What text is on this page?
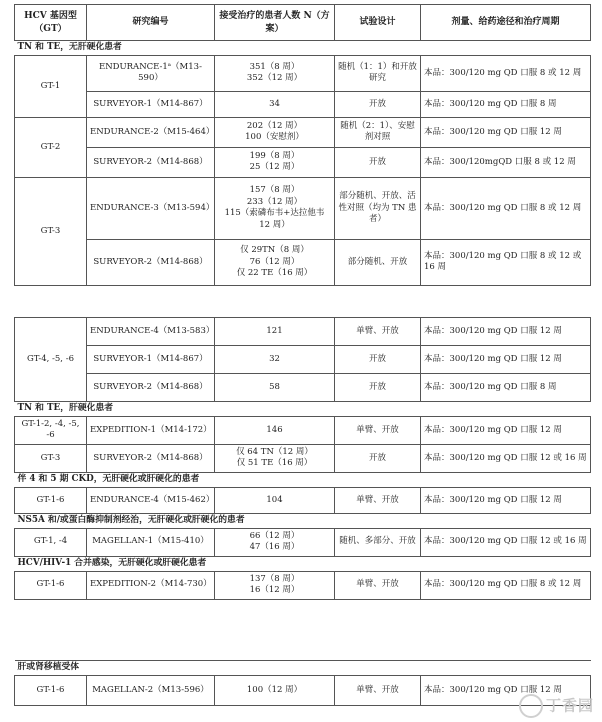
HCV 基因型（GT）	研究编号	接受治疗的患者人数 N（方案）	试验设计	剂量、给药途径和治疗周期
TN 和 TE，无肝硬化患者				
GT-1	ENDURANCE-1ᵃ（M13-590）	351（8 周）
352（12 周）	随机（1：1）和开放研究	本品：300/120 mg QD 口服 8 或 12 周
	SURVEYOR-1（M14-867）	34	开放	本品：300/120 mg QD 口服 8 周
GT-2	ENDURANCE-2（M15-464）	202（12 周）
100（安慰剂）	随机（2：1）、安慰剂对照	本品：300/120 mg QD 口服 12 周
	SURVEYOR-2（M14-868）	199（8 周）
25（12 周）	开放	本品：300/120mgQD 口服 8 或 12 周
GT-3	ENDURANCE-3（M13-594）	157（8 周）
233（12 周）
115（索磷布韦+达拉他韦 12 周）	部分随机、开放、活性对照（均为 TN 患者）	本品：300/120 mg QD 口服 8 或 12 周
	SURVEYOR-2（M14-868）	仅 29TN（8 周）
76（12 周）
仅 22 TE（16 周）	部分随机、开放	本品：300/120 mg QD 口服 8 或 12 或 16 周
GT-4, -5, -6	ENDURANCE-4（M13-583）	121	单臂、开放	本品：300/120 mg QD 口服 12 周
	SURVEYOR-1（M14-867）	32	开放	本品：300/120 mg QD 口服 12 周
	SURVEYOR-2（M14-868）	58	开放	本品：300/120 mg QD 口服 8 周
TN 和 TE，肝硬化患者				
GT-1-2, -4, -5, -6	EXPEDITION-1（M14-172）	146	单臂、开放	本品：300/120 mg QD 口服 12 周
GT-3	SURVEYOR-2（M14-868）	仅 64 TN（12 周）
仅 51 TE（16 周）	开放	本品：300/120 mg QD 口服 12 或 16 周
伴 4 和 5 期 CKD，无肝硬化或肝硬化的患者				
GT-1-6	ENDURANCE-4（M15-462）	104	单臂、开放	本品：300/120 mg QD 口服 12 周
NS5A 和/或蛋白酶抑制剂经治，无肝硬化或肝硬化的患者				
GT-1, -4	MAGELLAN-1（M15-410）	66（12 周）
47（16 周）	随机、多部分、开放	本品：300/120 mg QD 口服 12 或 16 周
HCV/HIV-1 合并感染，无肝硬化或肝硬化患者				
GT-1-6	EXPEDITION-2（M14-730）	137（8 周）
16（12 周）	单臂、开放	本品：300/120 mg QD 口服 8 或 12 周
肝或肾移植受体
GT-1-6	MAGELLAN-2（M13-596）	100（12 周）	单臂、开放	本品：300/120 mg QD 口服 12 周
丁香园
